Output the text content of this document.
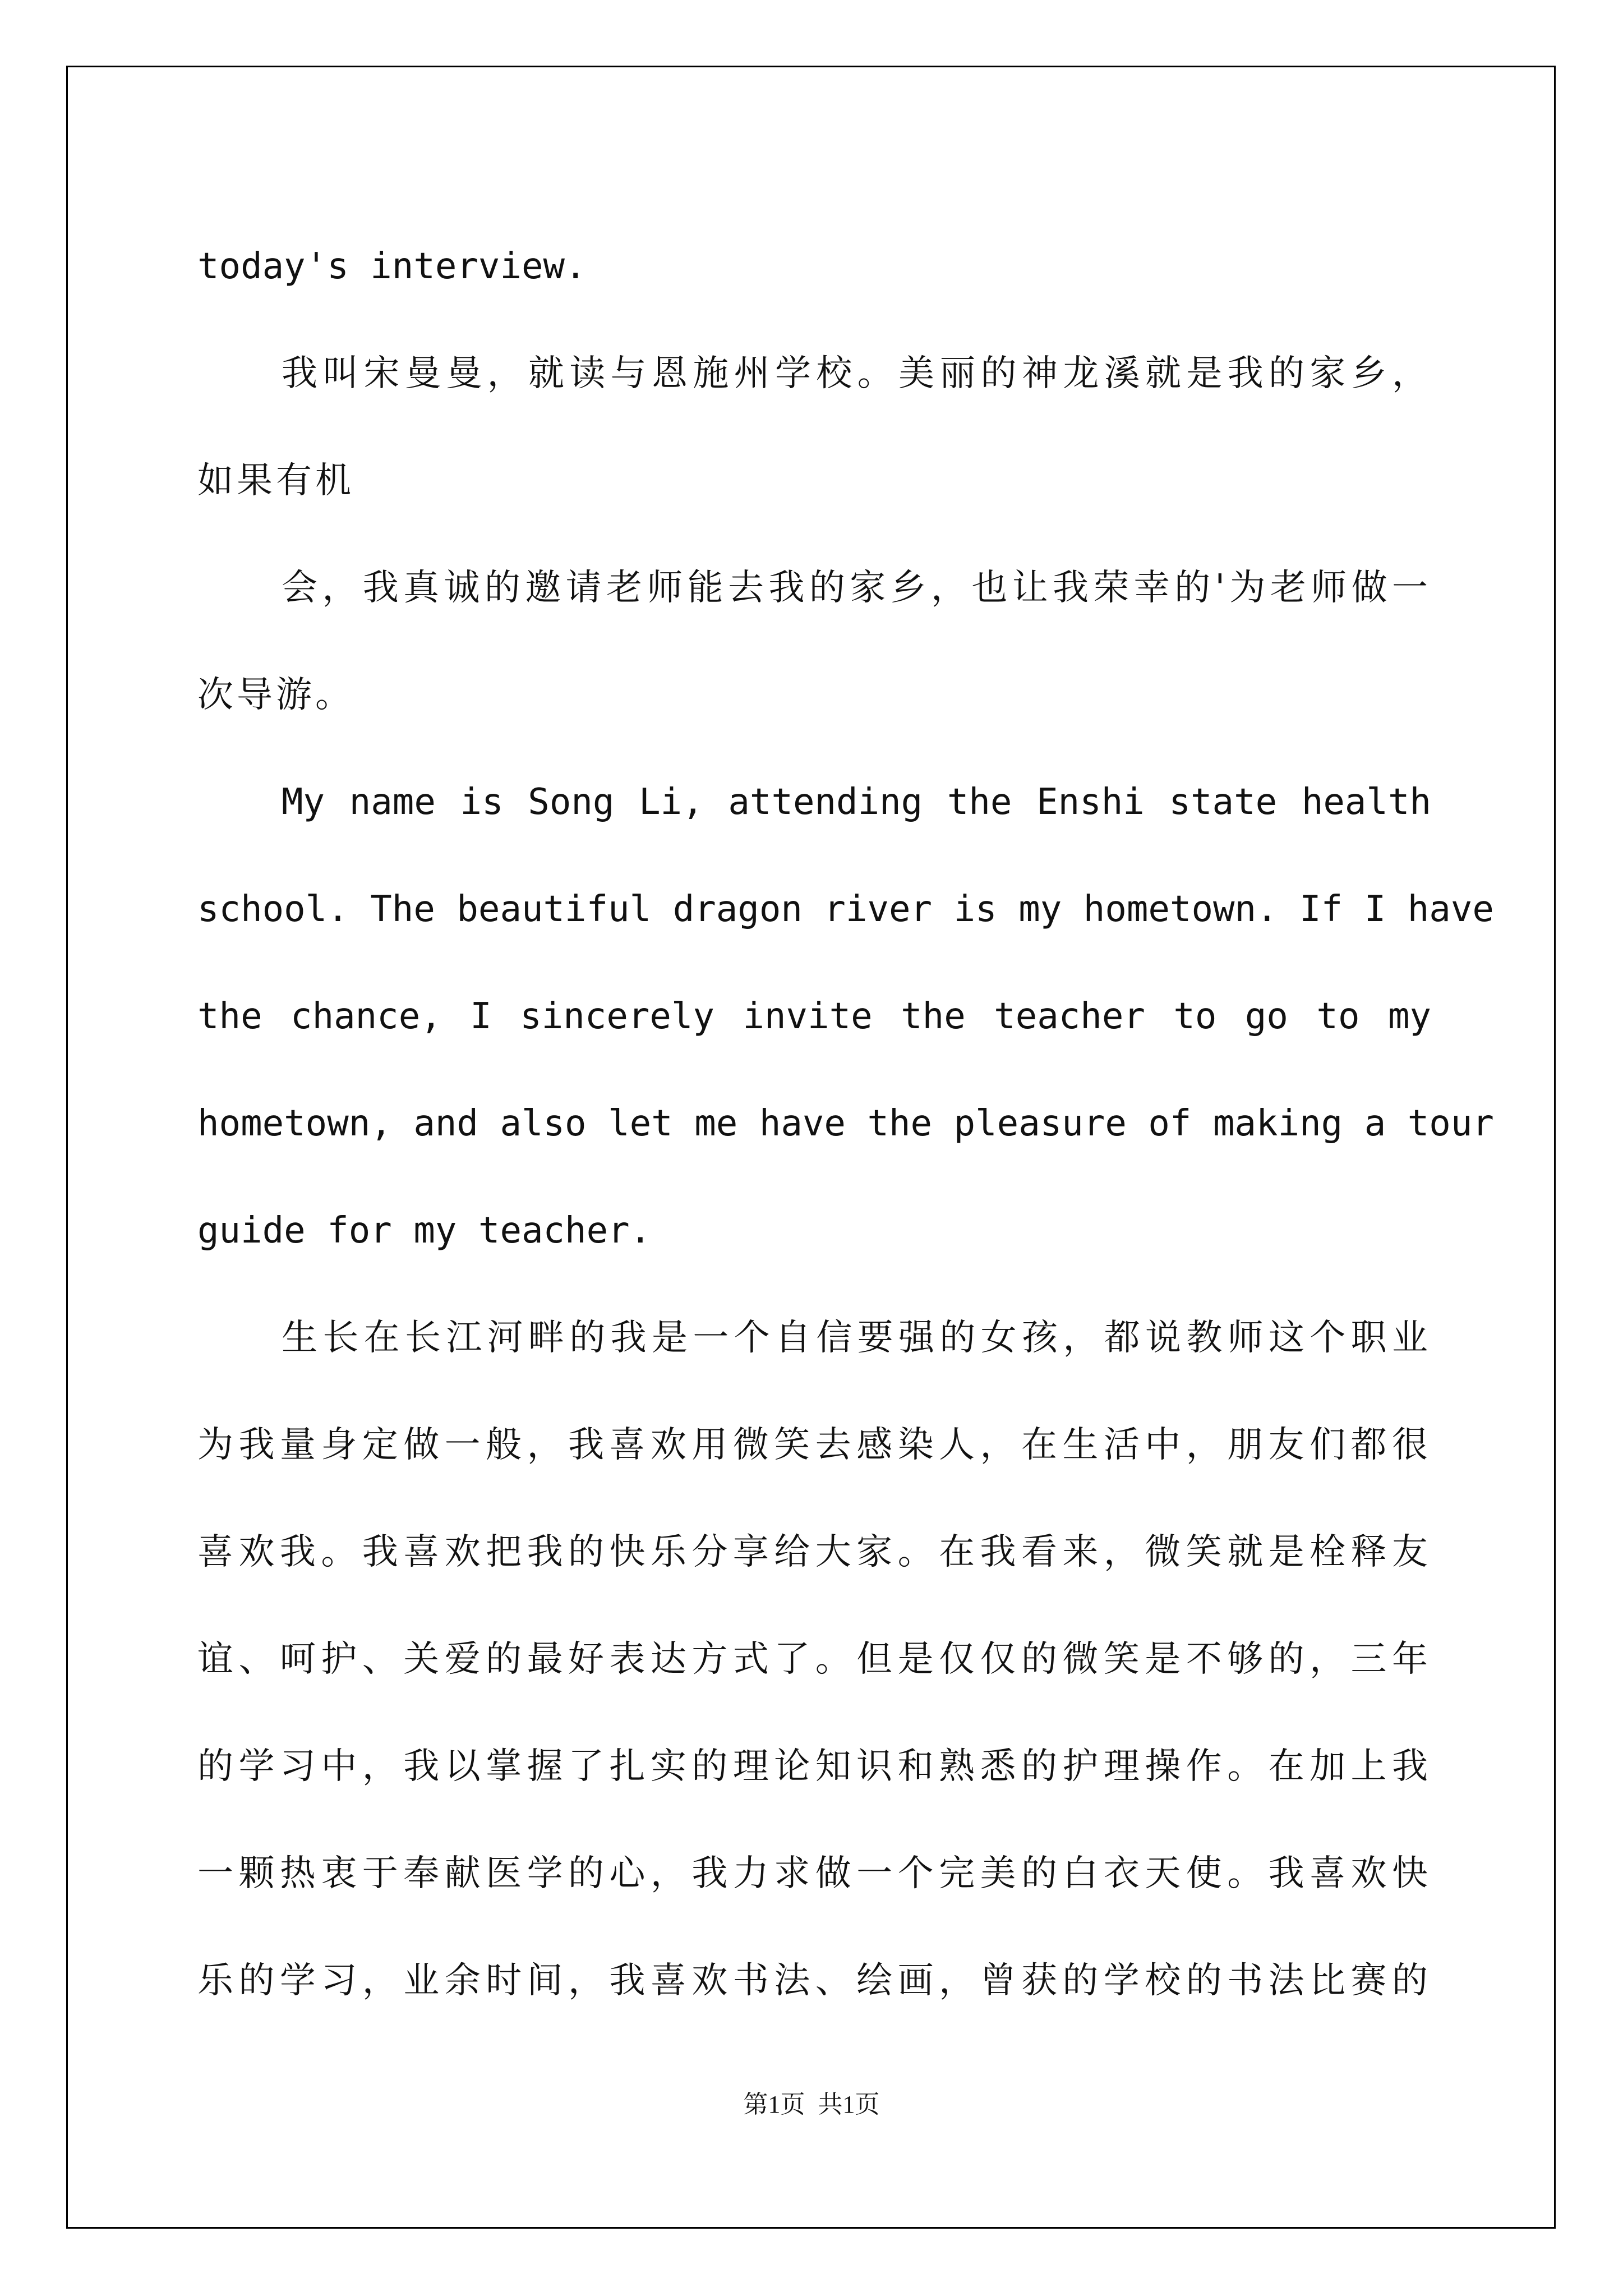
today's interview.
我叫宋曼曼，就读与恩施州学校。美丽的神龙溪就是我的家乡，
如果有机
会，我真诚的邀请老师能去我的家乡，也让我荣幸的'为老师做一
次导游。
My name is Song Li, attending the Enshi state health
school. The beautiful dragon river is my hometown. If I have
the chance, I sincerely invite the teacher to go to my
hometown, and also let me have the pleasure of making a tour
guide for my teacher.
生长在长江河畔的我是一个自信要强的女孩，都说教师这个职业
为我量身定做一般，我喜欢用微笑去感染人，在生活中，朋友们都很
喜欢我。我喜欢把我的快乐分享给大家。在我看来，微笑就是栓释友
谊、呵护、关爱的最好表达方式了。但是仅仅的微笑是不够的，三年
的学习中，我以掌握了扎实的理论知识和熟悉的护理操作。在加上我
一颗热衷于奉献医学的心，我力求做一个完美的白衣天使。我喜欢快
乐的学习，业余时间，我喜欢书法、绘画，曾获的学校的书法比赛的
第1页 共1页
